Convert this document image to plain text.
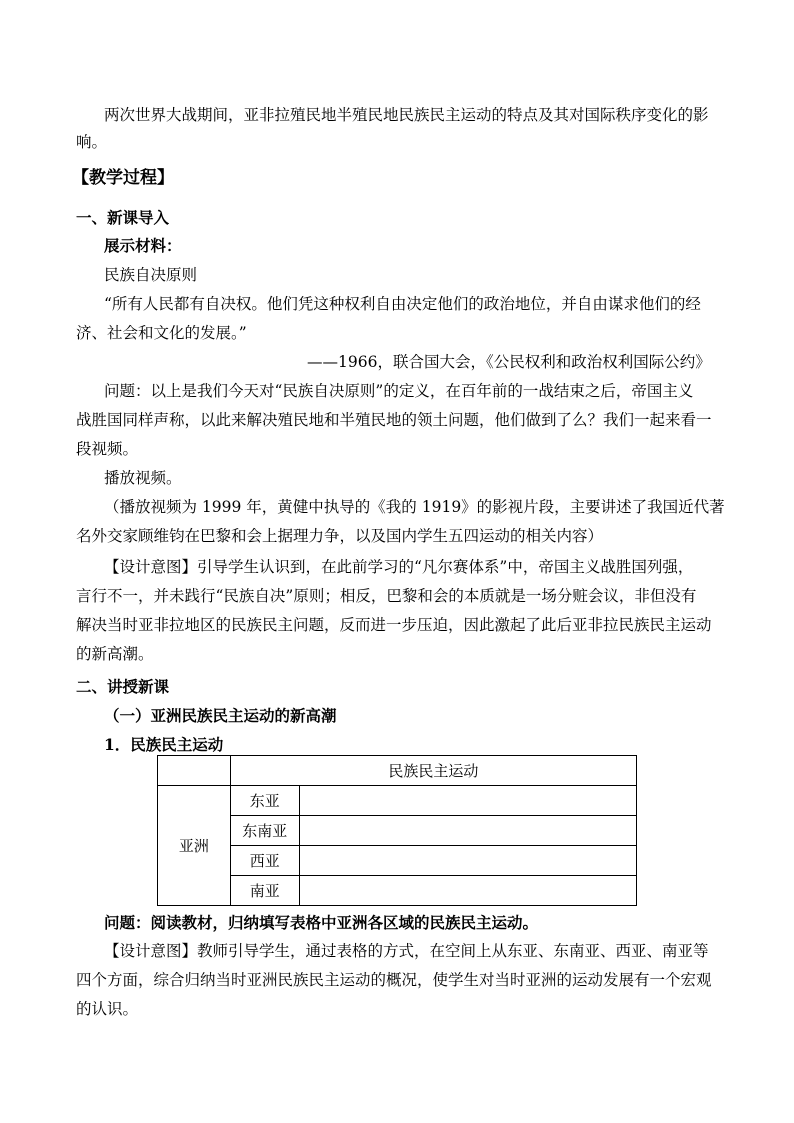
两次世界大战期间，亚非拉殖民地半殖民地民族民主运动的特点及其对国际秩序变化的影
响。
【教学过程】
一、新课导入
展示材料：
民族自决原则
“所有人民都有自决权。他们凭这种权利自由决定他们的政治地位，并自由谋求他们的经
济、社会和文化的发展。”
——1966，联合国大会，《公民权利和政治权利国际公约》
问题：以上是我们今天对“民族自决原则”的定义，在百年前的一战结束之后，帝国主义
战胜国同样声称，以此来解决殖民地和半殖民地的领土问题，他们做到了么？我们一起来看一
段视频。
播放视频。
（播放视频为 1999 年，黄健中执导的《我的 1919》的影视片段，主要讲述了我国近代著
名外交家顾维钧在巴黎和会上据理力争，以及国内学生五四运动的相关内容）
【设计意图】引导学生认识到，在此前学习的“凡尔赛体系”中，帝国主义战胜国列强，
言行不一，并未践行“民族自决”原则；相反，巴黎和会的本质就是一场分赃会议，非但没有
解决当时亚非拉地区的民族民主问题，反而进一步压迫，因此激起了此后亚非拉民族民主运动
的新高潮。
二、讲授新课
（一）亚洲民族民主运动的新高潮
1．民族民主运动
	民族民主运动	
亚洲	东亚	
	东南亚	
	西亚	
	南亚	
问题：阅读教材，归纳填写表格中亚洲各区域的民族民主运动。
【设计意图】教师引导学生，通过表格的方式，在空间上从东亚、东南亚、西亚、南亚等
四个方面，综合归纳当时亚洲民族民主运动的概况，使学生对当时亚洲的运动发展有一个宏观
的认识。
